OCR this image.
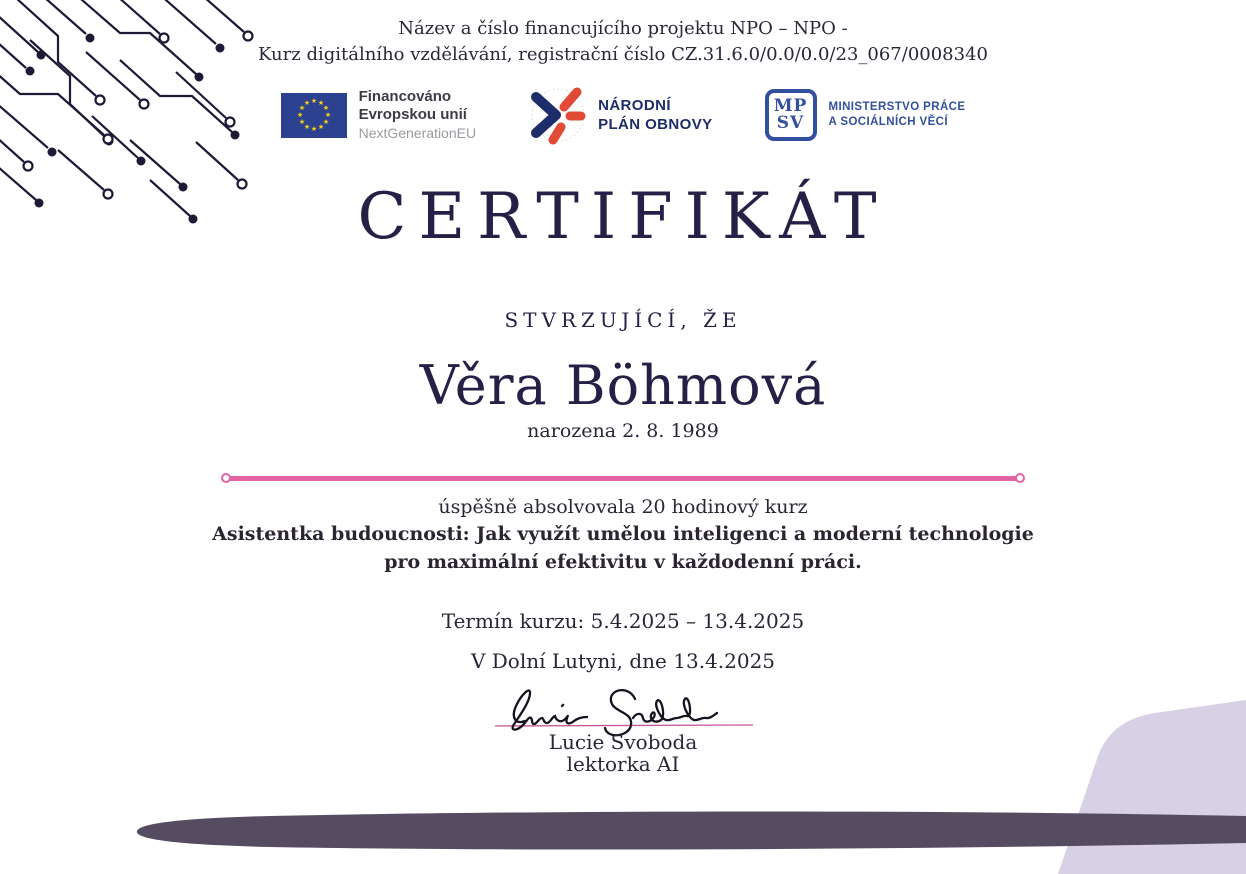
Název a číslo financujícího projektu NPO – NPO -
Kurz digitálního vzdělávání, registrační číslo CZ.31.6.0/0.0/0.0/23_067/0008340
★ ★
★
★
★
★
★
★
★
★
★
★	Financováno
Evropskou unií
NextGenerationEU
NÁRODNÍ
PLÁN OBNOVY
MP
SV
MINISTERSTVO PRÁCE
A SOCIÁLNÍCH VĚCÍ
CERTIFIKÁT
STVRZUJÍCÍ, ŽE
Věra Böhmová
narozena 2. 8. 1989
úspěšně absolvovala 20 hodinový kurz
Asistentka budoucnosti: Jak využít umělou inteligenci a moderní technologie pro maximální efektivitu v každodenní práci.
Termín kurzu: 5.4.2025 – 13.4.2025
V Dolní Lutyni, dne 13.4.2025
Lucie Svoboda
lektorka AI
